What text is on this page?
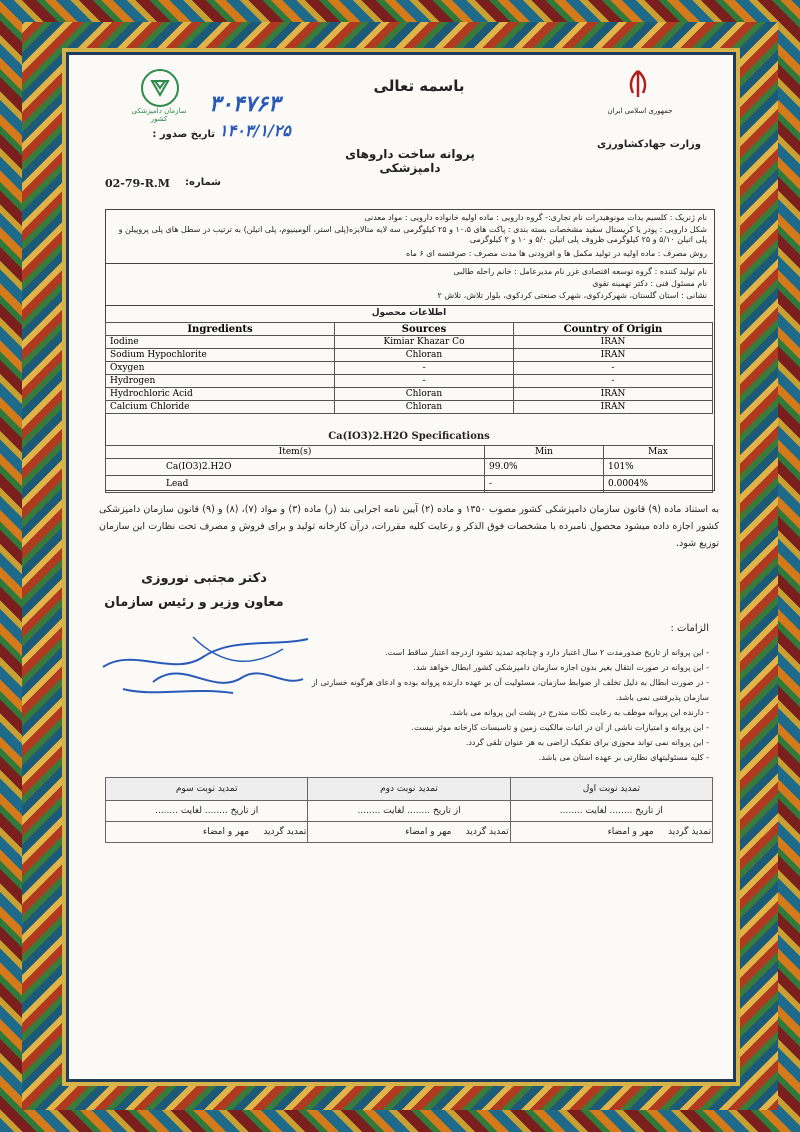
باسمه تعالی
سازمان دامپزشکی کشور
جمهوری اسلامی ایران
وزارت جهادکشاورزی
۳۰۴۷۶۳
۱۴۰۳/۱/۲۵
تاریخ صدور :
پروانه ساخت داروهای دامپزشکی
02-79-R.M	شماره:
نام ژنریک : کلسیم یدات مونوهیدرات نام تجاری:- گروه دارویی : ماده اولیه خانواده دارویی : مواد معدنی
شکل دارویی : پودر یا کریستال سفید مشخصات بسته بندی : پاکت های ۱۰،۵ و ۲۵ کیلوگرمی سه لایه متالایزه(پلی استر، آلومینیوم، پلی اتیلن) به ترتیب در سطل های پلی پروپیلن و پلی اتیلن ۵/۱۰ و ۲۵ کیلوگرمی ظروف پلی اتیلن ۵/۰ و ۱۰ و ۲ کیلوگرمی
روش مصرف : ماده اولیه در تولید مکمل ها و افزودنی ها مدت مصرف : صرفتسه ای ۶ ماه
نام تولید کننده : گروه توسعه اقتصادی غزر نام مدیرعامل : خانم راحله طالبی
نام مسئول فنی : دکتر تهمینه تقوی
نشانی : استان گلستان، شهرکردکوی، شهرک صنعتی کردکوی، بلوار تلاش، تلاش ۲
اطلاعات محصول
Ingredients	Sources	Country of Origin
Iodine	Kimiar Khazar Co	IRAN
Sodium Hypochlorite	Chloran	IRAN
Oxygen	-	-
Hydrogen	-	-
Hydrochloric Acid	Chloran	IRAN
Calcium Chloride	Chloran	IRAN
Ca(IO3)2.H2O Specifications
Item(s)	Min	Max
Ca(IO3)2.H2O	99.0%	101%
Lead	-	0.0004%
به استناد ماده (۹) قانون سازمان دامپزشکی کشور مصوب ۱۳۵۰ و ماده (۲) آیین نامه اجرایی بند (ز) ماده (۳) و مواد (۷)، (۸) و (۹) قانون سازمان دامپزشکی کشور اجازه داده میشود محصول نامبرده با مشخصات فوق الذکر و رعایت کلیه مقررات، درآن کارخانه تولید و برای فروش و مصرف تحت نظارت این سازمان توزیع شود.
دکتر مجتبی نوروزی
معاون وزیر و رئیس سازمان
الزامات :
- این پروانه از تاریخ صدورمدت ۲ سال اعتبار دارد و چنانچه تمدید نشود ازدرجه اعتبار ساقط است.
- این پروانه در صورت انتقال بغیر بدون اجازه سازمان دامپزشکی کشور ابطال خواهد شد.
- در صورت ابطال به دلیل تخلف از ضوابط سازمان، مسئولیت آن بر عهده دارنده پروانه بوده و ادعای هرگونه خسارتی از سازمان پذیرفتنی نمی باشد.
- دارنده این پروانه موظف به رعایت نکات مندرج در پشت این پروانه می باشد.
- این پروانه و امتیازات ناشی از آن در اثبات مالکیت زمین و تاسیسات کارخانه موثر نیست.
- این پروانه نمی تواند محوزی برای تفکیک اراضی به هر عنوان تلقی گردد.
- کلیه مسئولیتهای نظارتی بر عهده استان می باشد.
تمدید نوبت اول	تمدید نوبت دوم	تمدید نوبت سوم
از تاریخ ........ لغایت ........	از تاریخ ........ لغایت ........	از تاریخ ........ لغایت ........
تمدید گردید     مهر و امضاء	تمدید گردید     مهر و امضاء	تمدید گردید     مهر و امضاء
